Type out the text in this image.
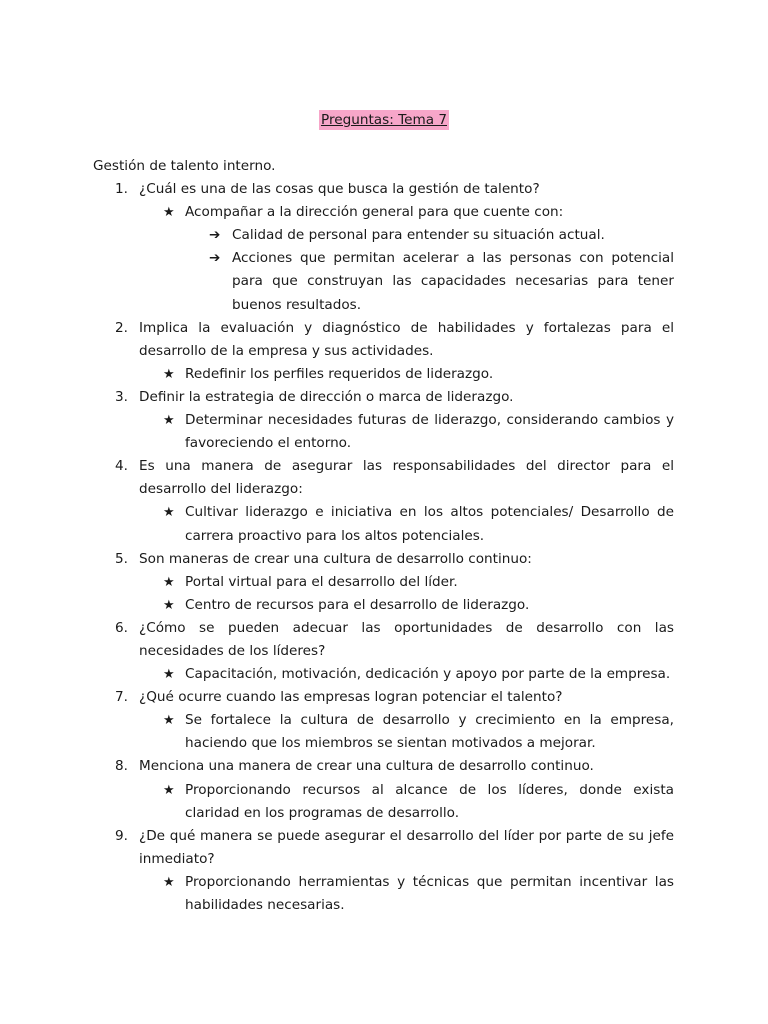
Preguntas: Tema 7
Gestión de talento interno.
1. ¿Cuál es una de las cosas que busca la gestión de talento?
★ Acompañar a la dirección general para que cuente con:
➔ Calidad de personal para entender su situación actual.
➔ Acciones que permitan acelerar a las personas con potencial para que construyan las capacidades necesarias para tener buenos resultados.
2. Implica la evaluación y diagnóstico de habilidades y fortalezas para el desarrollo de la empresa y sus actividades.
★ Redefinir los perfiles requeridos de liderazgo.
3. Definir la estrategia de dirección o marca de liderazgo.
★ Determinar necesidades futuras de liderazgo, considerando cambios y favoreciendo el entorno.
4. Es una manera de asegurar las responsabilidades del director para el desarrollo del liderazgo:
★ Cultivar liderazgo e iniciativa en los altos potenciales/ Desarrollo de carrera proactivo para los altos potenciales.
5. Son maneras de crear una cultura de desarrollo continuo:
★ Portal virtual para el desarrollo del líder.
★ Centro de recursos para el desarrollo de liderazgo.
6. ¿Cómo se pueden adecuar las oportunidades de desarrollo con las necesidades de los líderes?
★ Capacitación, motivación, dedicación y apoyo por parte de la empresa.
7. ¿Qué ocurre cuando las empresas logran potenciar el talento?
★ Se fortalece la cultura de desarrollo y crecimiento en la empresa, haciendo que los miembros se sientan motivados a mejorar.
8. Menciona una manera de crear una cultura de desarrollo continuo.
★ Proporcionando recursos al alcance de los líderes, donde exista claridad en los programas de desarrollo.
9. ¿De qué manera se puede asegurar el desarrollo del líder por parte de su jefe inmediato?
★ Proporcionando herramientas y técnicas que permitan incentivar las habilidades necesarias.
